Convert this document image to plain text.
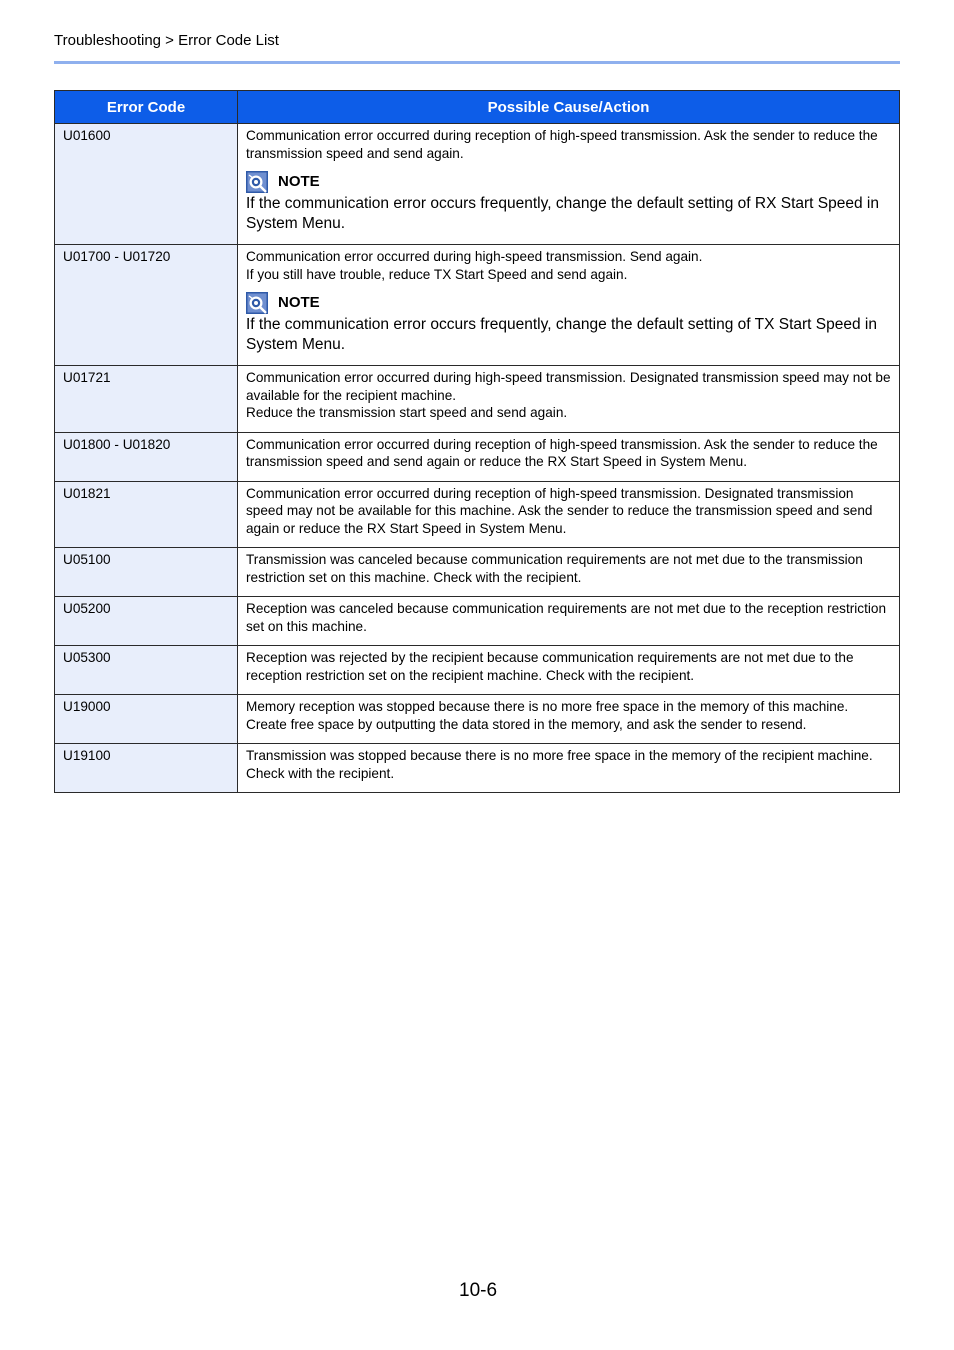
Troubleshooting > Error Code List
Error Code	Possible Cause/Action
U01600	Communication error occurred during reception of high-speed transmission. Ask the sender to reduce the transmission speed and send again.
NOTE
If the communication error occurs frequently, change the default setting of RX Start Speed in System Menu.

U01700 - U01720	Communication error occurred during high-speed transmission. Send again.
If you still have trouble, reduce TX Start Speed and send again.
NOTE
If the communication error occurs frequently, change the default setting of TX Start Speed in System Menu.

U01721	Communication error occurred during high-speed transmission. Designated transmission speed may not be available for the recipient machine.
Reduce the transmission start speed and send again.

U01800 - U01820	Communication error occurred during reception of high-speed transmission. Ask the sender to reduce the transmission speed and send again or reduce the RX Start Speed in System Menu.

U01821	Communication error occurred during reception of high-speed transmission. Designated transmission speed may not be available for this machine. Ask the sender to reduce the transmission speed and send again or reduce the RX Start Speed in System Menu.

U05100	Transmission was canceled because communication requirements are not met due to the transmission restriction set on this machine. Check with the recipient.

U05200	Reception was canceled because communication requirements are not met due to the reception restriction set on this machine.

U05300	Reception was rejected by the recipient because communication requirements are not met due to the reception restriction set on the recipient machine. Check with the recipient.

U19000	Memory reception was stopped because there is no more free space in the memory of this machine. Create free space by outputting the data stored in the memory, and ask the sender to resend.

U19100	Transmission was stopped because there is no more free space in the memory of the recipient machine. Check with the recipient.
10-6
